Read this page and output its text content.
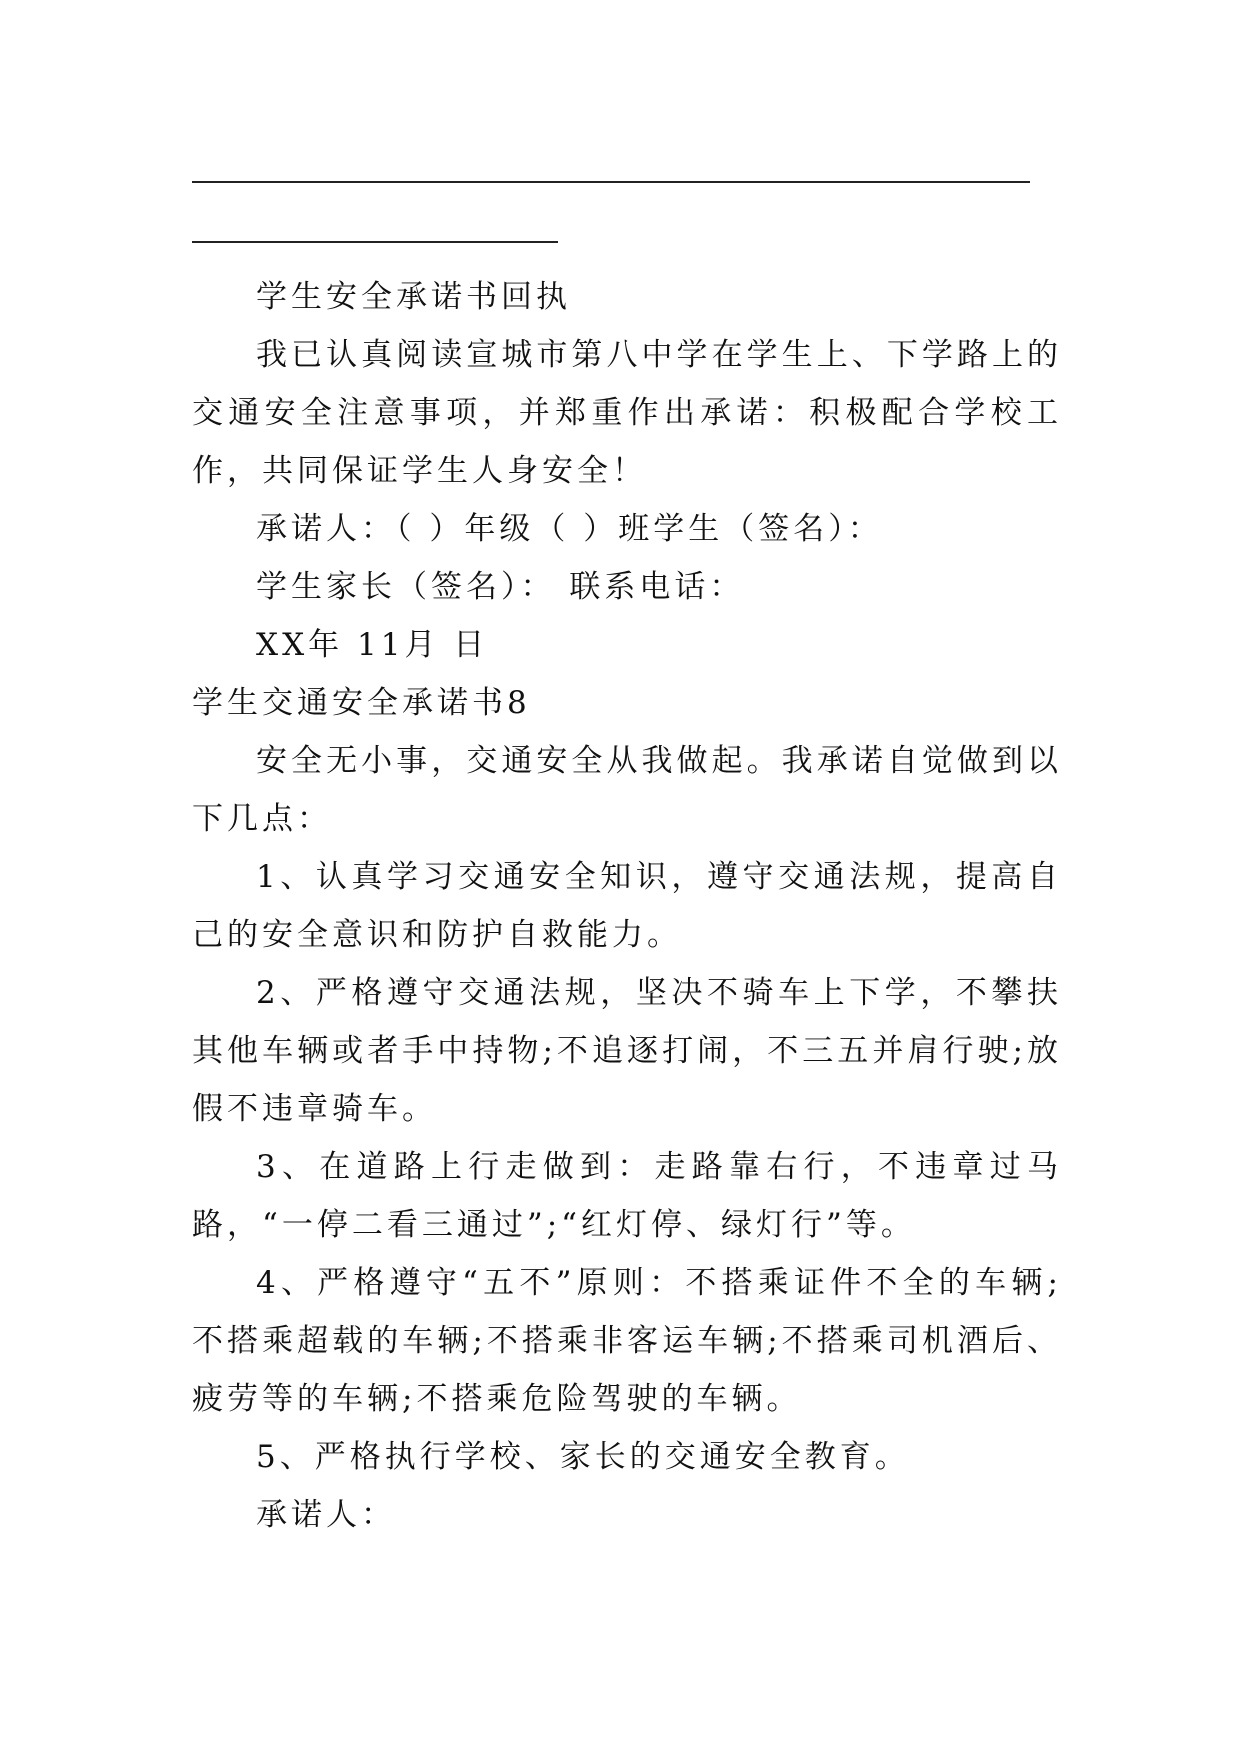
学生安全承诺书回执
我已认真阅读宣城市第八中学在学生上、下学路上的交通安全注意事项，并郑重作出承诺：积极配合学校工作，共同保证学生人身安全！
承诺人：（ ）年级（ ）班学生（签名）：
学生家长（签名）： 联系电话：
XX年 11月 日
学生交通安全承诺书8
安全无小事，交通安全从我做起。我承诺自觉做到以下几点：
1、认真学习交通安全知识，遵守交通法规，提高自己的安全意识和防护自救能力。
2、严格遵守交通法规，坚决不骑车上下学，不攀扶其他车辆或者手中持物;不追逐打闹，不三五并肩行驶;放假不违章骑车。
3、在道路上行走做到：走路靠右行，不违章过马路，“一停二看三通过”;“红灯停、绿灯行”等。
4、严格遵守“五不”原则：不搭乘证件不全的车辆;不搭乘超载的车辆;不搭乘非客运车辆;不搭乘司机酒后、疲劳等的车辆;不搭乘危险驾驶的车辆。
5、严格执行学校、家长的交通安全教育。
承诺人：
